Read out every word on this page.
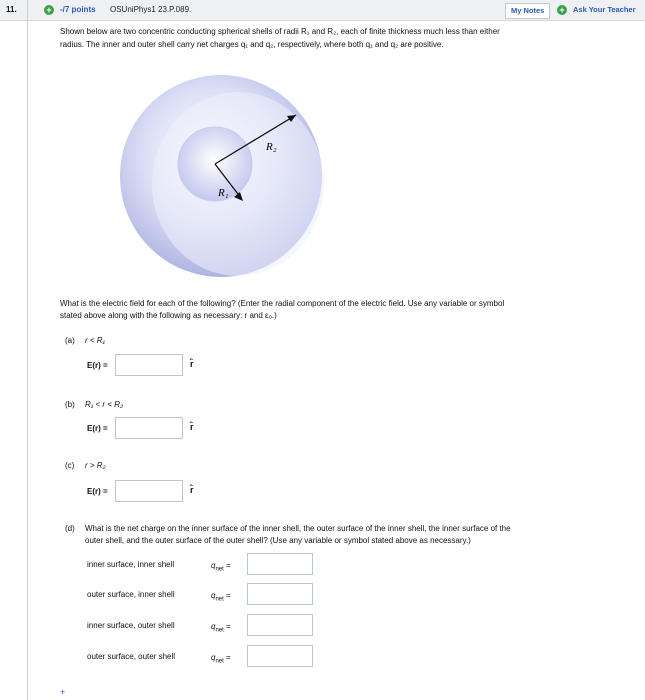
11.	+ -/7 points OSUniPhys1 23.P.089.	My Notes	+	Ask Your Teacher
Shown below are two concentric conducting spherical shells of radii R₁ and R₂, each of finite thickness much less than either
radius. The inner and outer shell carry net charges q₁ and q₂, respectively, where both q₁ and q₂ are positive.
R₂
R₁
What is the electric field for each of the following? (Enter the radial component of the electric field. Use any variable or symbol
stated above along with the following as necessary: r and ε₀.)
(a) r < R₁
E(r) =	r̂
(b) R₁ < r < R₂
E(r) =	r̂
(c) r > R₂
E(r) =	r̂
(d) What is the net charge on the inner surface of the inner shell, the outer surface of the inner shell, the inner surface of the
outer shell, and the outer surface of the outer shell? (Use any variable or symbol stated above as necessary.)
inner surface, inner shell	$q_{net}$ =
outer surface, inner shell	$q_{net}$ =
inner surface, outer shell	$q_{net}$ =
outer surface, outer shell	$q_{net}$ =
+
